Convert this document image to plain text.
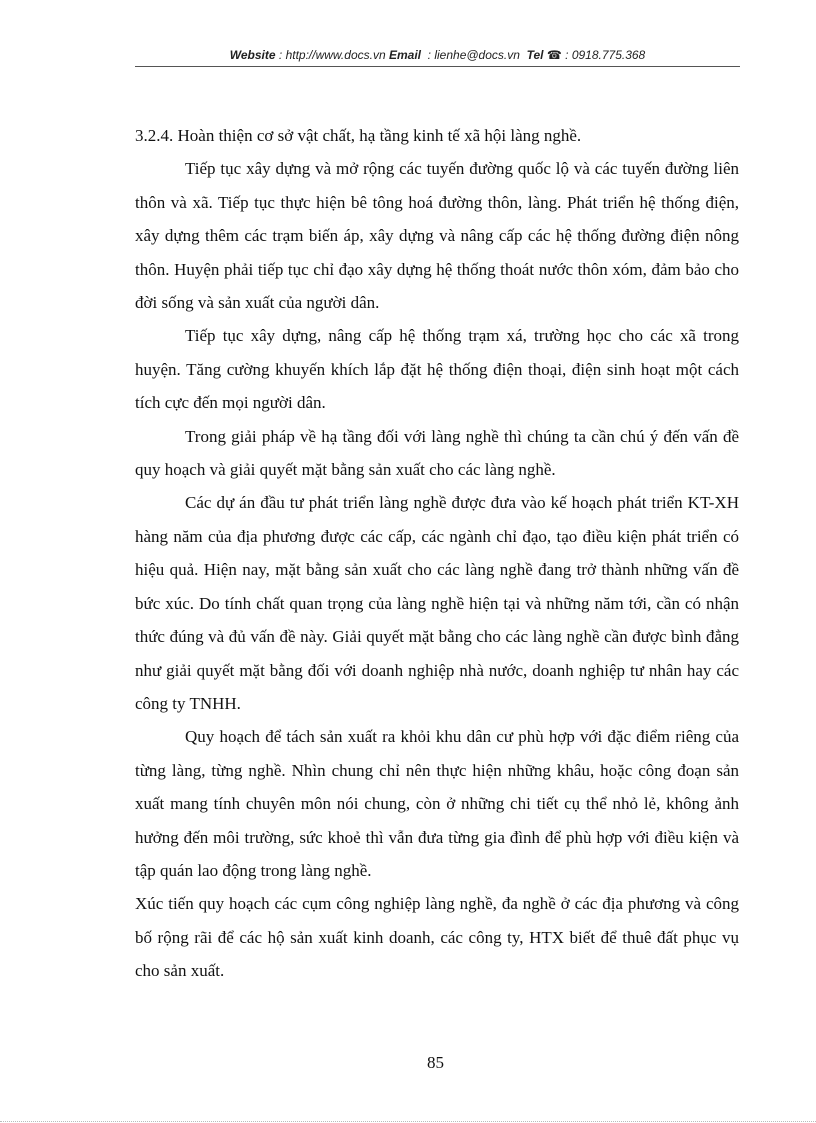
Website : http://www.docs.vn Email  : lienhe@docs.vn Tel ☎ : 0918.775.368

3.2.4. Hoàn thiện cơ sở vật chất, hạ tầng kinh tế xã hội làng nghề.

Tiếp tục xây dựng và mở rộng các tuyến đường quốc lộ và các tuyến đường liên thôn và xã. Tiếp tục thực hiện bê tông hoá đường thôn, làng. Phát triển hệ thống điện, xây dựng thêm các trạm biến áp, xây dựng và nâng cấp các hệ thống đường điện nông thôn. Huyện phải tiếp tục chỉ đạo xây dựng hệ thống thoát nước thôn xóm, đảm bảo cho đời sống và sản xuất của người dân.

Tiếp tục xây dựng, nâng cấp hệ thống trạm xá, trường học cho các xã trong huyện. Tăng cường khuyến khích lắp đặt hệ thống điện thoại, điện sinh hoạt một cách tích cực đến mọi người dân.

Trong giải pháp về hạ tầng đối với làng nghề thì chúng ta cần chú ý đến vấn đề quy hoạch và giải quyết mặt bằng sản xuất cho các làng nghề.

Các dự án đầu tư phát triển làng nghề được đưa vào kế hoạch phát triển KT-XH hàng năm của địa phương được các cấp, các ngành chỉ đạo, tạo điều kiện phát triển có hiệu quả. Hiện nay, mặt bằng sản xuất cho các làng nghề đang trở thành những vấn đề bức xúc. Do tính chất quan trọng của làng nghề hiện tại và những năm tới, cần có nhận thức đúng và đủ vấn đề này. Giải quyết mặt bằng cho các làng nghề cần được bình đẳng như giải quyết mặt bằng đối với doanh nghiệp nhà nước, doanh nghiệp tư nhân hay các công ty TNHH.

Quy hoạch để tách sản xuất ra khỏi khu dân cư phù hợp với đặc điểm riêng của từng làng, từng nghề. Nhìn chung chỉ nên thực hiện những khâu, hoặc công đoạn sản xuất mang tính chuyên môn nói chung, còn ở những chi tiết cụ thể nhỏ lẻ, không ảnh hưởng đến môi trường, sức khoẻ thì vẫn đưa từng gia đình để phù hợp với điều kiện và tập quán lao động trong làng nghề.

Xúc tiến quy hoạch các cụm công nghiệp làng nghề, đa nghề ở các địa phương và công bố rộng rãi để các hộ sản xuất kinh doanh, các công ty, HTX biết để thuê đất phục vụ cho sản xuất.

85
